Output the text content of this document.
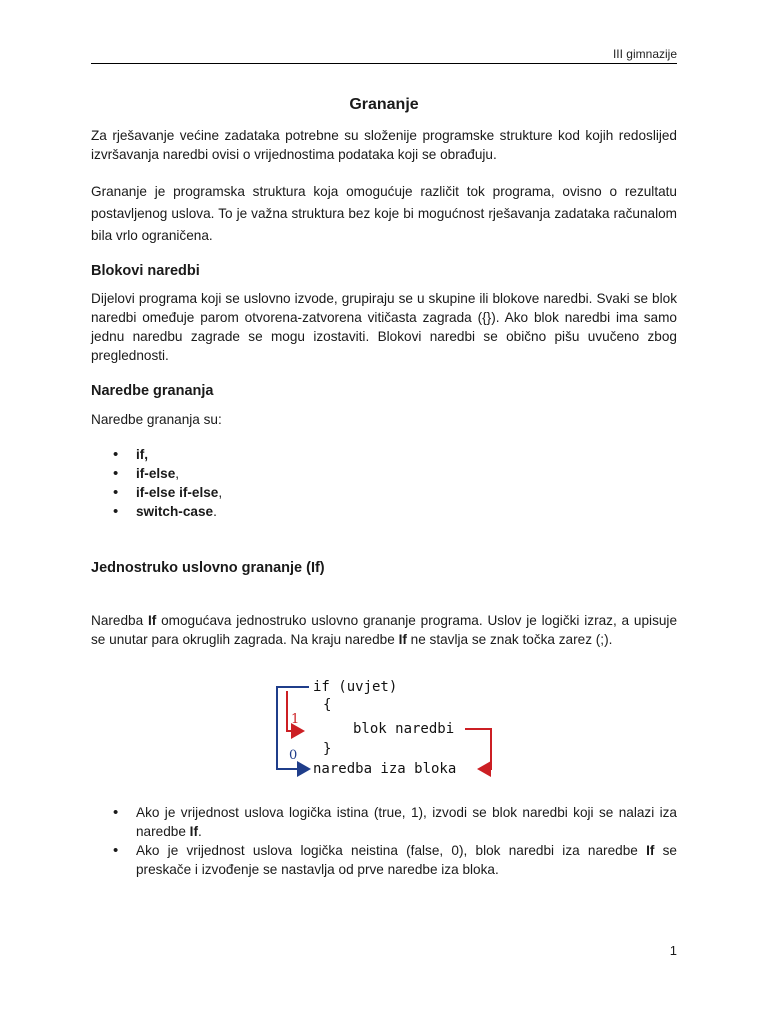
III gimnazije
Grananje

Za rješavanje većine zadataka potrebne su složenije programske strukture kod kojih redoslijed izvršavanja naredbi ovisi o vrijednostima podataka koji se obrađuju.

Grananje je programska struktura koja omogućuje različit tok programa, ovisno o rezultatu postavljenog uslova. To je važna struktura bez koje bi mogućnost rješavanja zadataka računalom bila vrlo ograničena.

Blokovi naredbi

Dijelovi programa koji se uslovno izvode, grupiraju se u skupine ili blokove naredbi. Svaki se blok naredbi omeđuje parom otvorena-zatvorena vitičasta zagrada ({}). Ako blok naredbi ima samo jednu naredbu zagrade se mogu izostaviti. Blokovi naredbi se obično pišu uvučeno zbog preglednosti.

Naredbe grananja

Naredbe grananja su:

• if,
• if-else,
• if-else if-else,
• switch-case.
Jednostruko uslovno grananje (If)

Naredba If omogućava jednostruko uslovno grananje programa. Uslov je logički izraz, a upisuje se unutar para okruglih zagrada. Na kraju naredbe If ne stavlja se znak točka zarez (;).

if (uvjet)
{
blok naredbi
}
naredba iza bloka
1
0
• Ako je vrijednost uslova logička istina (true, 1), izvodi se blok naredbi koji se nalazi iza naredbe If.
• Ako je vrijednost uslova logička neistina (false, 0), blok naredbi iza naredbe If se preskače i izvođenje se nastavlja od prve naredbe iza bloka.
1
